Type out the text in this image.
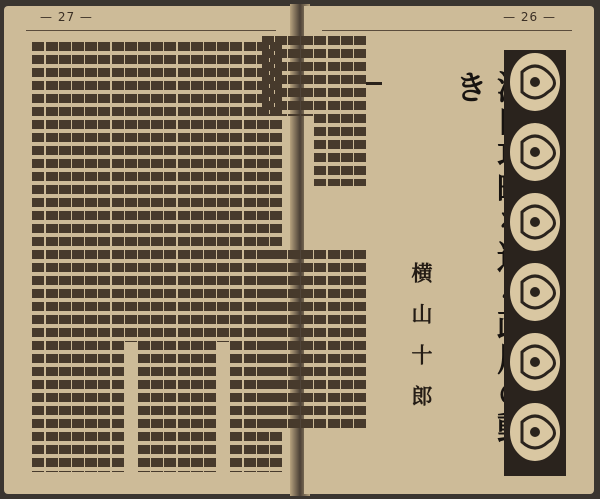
— 27 —	— 26 —
横山十郎
き
